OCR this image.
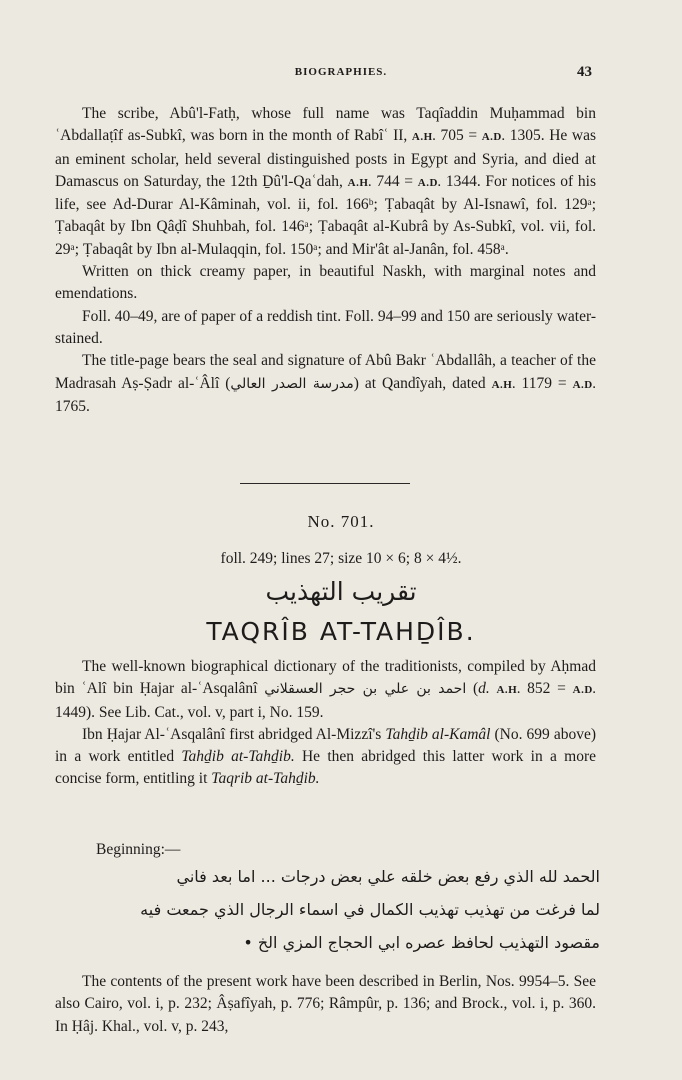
BIOGRAPHIES.	43

The scribe, Abû'l-Fatḥ, whose full name was Taqîaddin Muḥammad bin ʿAbdallaṭîf as-Subkî, was born in the month of Rabîʿ II, A.H. 705 = A.D. 1305. He was an eminent scholar, held several distinguished posts in Egypt and Syria, and died at Damascus on Saturday, the 12th Ḏû'l-Qaʿdah, A.H. 744 = A.D. 1344. For notices of his life, see Ad-Durar Al-Kâminah, vol. ii, fol. 166ᵇ; Ṭabaqât by Al-Isnawî, fol. 129ᵃ; Ṭabaqât by Ibn Qâḍî Shuhbah, fol. 146ᵃ; Ṭabaqât al-Kubrâ by As-Subkî, vol. vii, fol. 29ᵃ; Ṭabaqât by Ibn al-Mulaqqin, fol. 150ᵃ; and Mir'ât al-Janân, fol. 458ᵃ.

Written on thick creamy paper, in beautiful Naskh, with marginal notes and emendations.

Foll. 40–49, are of paper of a reddish tint. Foll. 94–99 and 150 are seriously water-stained.

The title-page bears the seal and signature of Abû Bakr ʿAbdallâh, a teacher of the Madrasah Aṣ-Ṣadr al-ʿÂlî (مدرسة الصدر العالي) at Qandîyah, dated A.H. 1179 = A.D. 1765.

No. 701.
foll. 249; lines 27; size 10 × 6; 8 × 4½.
تقريب التهذيب
TAQRÎB AT-TAHḎÎB.

The well-known biographical dictionary of the traditionists, compiled by Aḥmad bin ʿAlî bin Ḥajar al-ʿAsqalânî احمد بن علي بن حجر العسقلاني (d. A.H. 852 = A.D. 1449). See Lib. Cat., vol. v, part i, No. 159.

Ibn Ḥajar Al-ʿAsqalânî first abridged Al-Mizzî's Tahḏib al-Kamâl (No. 699 above) in a work entitled Tahḏib at-Tahḏib. He then abridged this latter work in a more concise form, entitling it Taqrib at-Tahḏib.

Beginning:—
الحمد لله الذي رفع بعض خلقه علي بعض درجات ... اما بعد فاني
لما فرغت من تهذيب تهذيب الكمال في اسماء الرجال الذي جمعت فيه
مقصود التهذيب لحافظ عصره ابي الحجاج المزي الخ •

The contents of the present work have been described in Berlin, Nos. 9954–5. See also Cairo, vol. i, p. 232; Âṣafîyah, p. 776; Râmpûr, p. 136; and Brock., vol. i, p. 360. In Ḥâj. Khal., vol. v, p. 243,
